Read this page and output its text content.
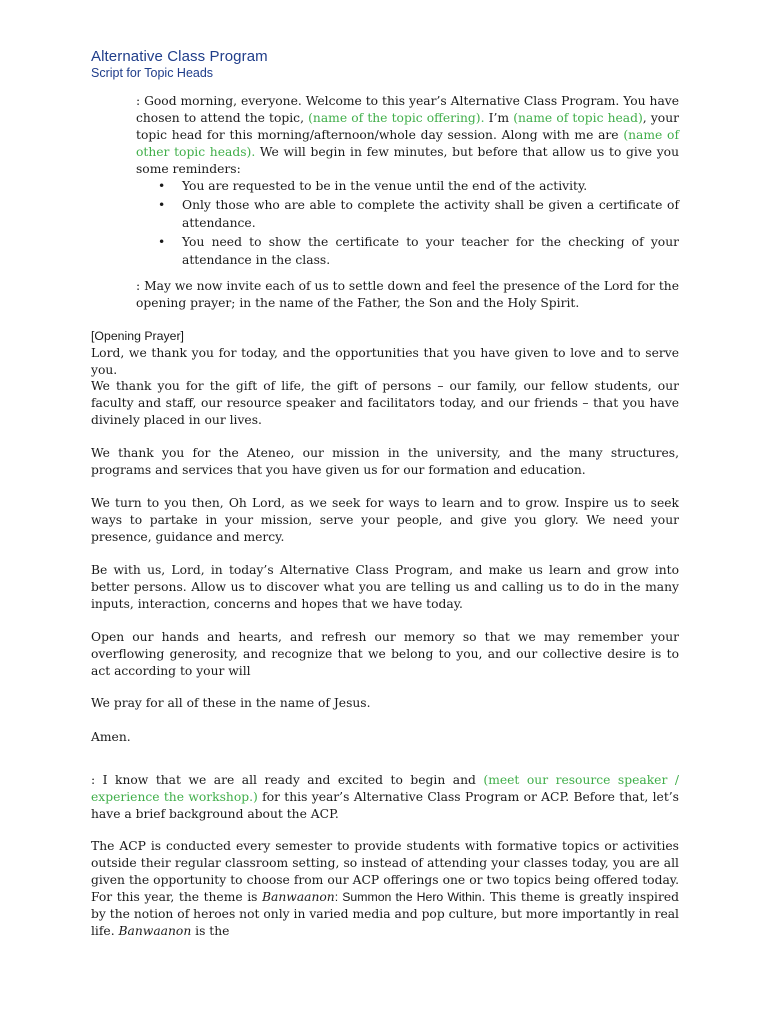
Alternative Class Program
Script for Topic Heads

: Good morning, everyone. Welcome to this year’s Alternative Class Program. You have chosen to attend the topic, (name of the topic offering). I’m (name of topic head), your topic head for this morning/afternoon/whole day session. Along with me are (name of other topic heads). We will begin in few minutes, but before that allow us to give you some reminders:

• You are requested to be in the venue until the end of the activity.
• Only those who are able to complete the activity shall be given a certificate of attendance.
• You need to show the certificate to your teacher for the checking of your attendance in the class.

: May we now invite each of us to settle down and feel the presence of the Lord for the opening prayer; in the name of the Father, the Son and the Holy Spirit.

[Opening Prayer]

Lord, we thank you for today, and the opportunities that you have given to love and to serve you.

We thank you for the gift of life, the gift of persons – our family, our fellow students, our faculty and staff, our resource speaker and facilitators today, and our friends – that you have divinely placed in our lives.

We thank you for the Ateneo, our mission in the university, and the many structures, programs and services that you have given us for our formation and education.

We turn to you then, Oh Lord, as we seek for ways to learn and to grow. Inspire us to seek ways to partake in your mission, serve your people, and give you glory. We need your presence, guidance and mercy.

Be with us, Lord, in today’s Alternative Class Program, and make us learn and grow into better persons. Allow us to discover what you are telling us and calling us to do in the many inputs, interaction, concerns and hopes that we have today.

Open our hands and hearts, and refresh our memory so that we may remember your overflowing generosity, and recognize that we belong to you, and our collective desire is to act according to your will

We pray for all of these in the name of Jesus.

Amen.

: I know that we are all ready and excited to begin and (meet our resource speaker / experience the workshop.) for this year’s Alternative Class Program or ACP. Before that, let’s have a brief background about the ACP.

The ACP is conducted every semester to provide students with formative topics or activities outside their regular classroom setting, so instead of attending your classes today, you are all given the opportunity to choose from our ACP offerings one or two topics being offered today. For this year, the theme is Banwaanon: Summon the Hero Within. This theme is greatly inspired by the notion of heroes not only in varied media and pop culture, but more importantly in real life. Banwaanon is the
